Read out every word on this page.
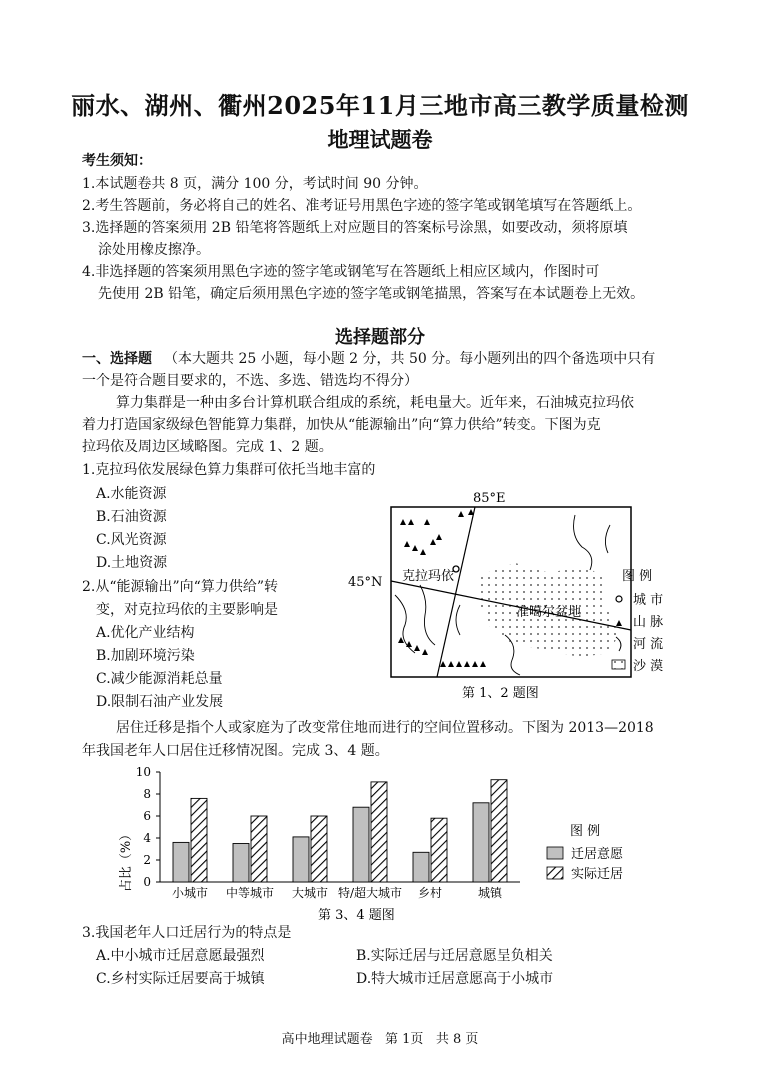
丽水、湖州、衢州2025年11月三地市高三教学质量检测
地理试题卷
考生须知：
1.本试题卷共 8 页，满分 100 分，考试时间 90 分钟。
2.考生答题前，务必将自己的姓名、准考证号用黑色字迹的签字笔或钢笔填写在答题纸上。
3.选择题的答案须用 2B 铅笔将答题纸上对应题目的答案标号涂黑，如要改动，须将原填
涂处用橡皮擦净。
4.非选择题的答案须用黑色字迹的签字笔或钢笔写在答题纸上相应区域内，作图时可
先使用 2B 铅笔，确定后须用黑色字迹的签字笔或钢笔描黑，答案写在本试题卷上无效。
选择题部分
一、选择题 （本大题共 25 小题，每小题 2 分，共 50 分。每小题列出的四个备选项中只有
一个是符合题目要求的，不选、多选、错选均不得分）
算力集群是一种由多台计算机联合组成的系统，耗电量大。近年来，石油城克拉玛依
着力打造国家级绿色智能算力集群，加快从“能源输出”向“算力供给”转变。下图为克
拉玛依及周边区域略图。完成 1、2 题。
1.克拉玛依发展绿色算力集群可依托当地丰富的
A.水能资源
B.石油资源
C.风光资源
D.土地资源
2.从“能源输出”向“算力供给”转
变，对克拉玛依的主要影响是
A.优化产业结构
B.加剧环境污染
C.减少能源消耗总量
D.限制石油产业发展
克拉玛依
准噶尔盆地
85°E
45°N
第 1、2 题图
图 例
城 市
山 脉
河 流
沙 漠
居住迁移是指个人或家庭为了改变常住地而进行的空间位置移动。下图为 2013—2018
年我国老年人口居住迁移情况图。完成 3、4 题。
0
2
4
6
8
10
小城市 中等城市 大城市 特/超大城市 乡村	城镇
占比（%）
第 3、4 题图
图 例
迁居意愿
实际迁居
3.我国老年人口迁居行为的特点是
A.中小城市迁居意愿最强烈	B.实际迁居与迁居意愿呈负相关
C.乡村实际迁居要高于城镇	D.特大城市迁居意愿高于小城市
高中地理试题卷   第 1页   共 8 页
